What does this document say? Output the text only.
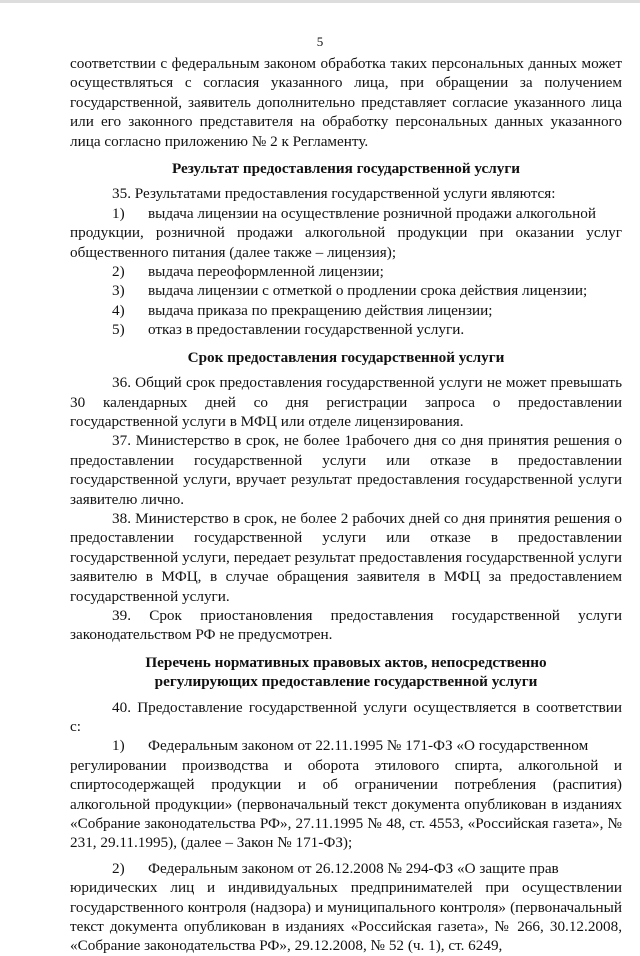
5

соответствии с федеральным законом обработка таких персональных данных может осуществляться с согласия указанного лица, при обращении за получением государственной, заявитель дополнительно представляет согласие указанного лица или его законного представителя на обработку персональных данных указанного лица согласно приложению № 2 к Регламенту.

Результат предоставления государственной услуги

35. Результатами предоставления государственной услуги являются:

1)	выдача лицензии на осуществление розничной продажи алкогольной

продукции, розничной продажи алкогольной продукции при оказании услуг общественного питания (далее также – лицензия);

2)	выдача переоформленной лицензии;
3)	выдача лицензии с отметкой о продлении срока действия лицензии;
4)	выдача приказа по прекращению действия лицензии;
5)	отказ в предоставлении государственной услуги.
Срок предоставления государственной услуги

36. Общий срок предоставления государственной услуги не может превышать 30 календарных дней со дня регистрации запроса о предоставлении государственной услуги в МФЦ или отделе лицензирования.

37. Министерство в срок, не более 1рабочего дня со дня принятия решения о предоставлении государственной услуги или отказе в предоставлении государственной услуги, вручает результат предоставления государственной услуги заявителю лично.

38. Министерство в срок, не более 2 рабочих дней со дня принятия решения о предоставлении государственной услуги или отказе в предоставлении государственной услуги, передает результат предоставления государственной услуги заявителю в МФЦ, в случае обращения заявителя в МФЦ за предоставлением государственной услуги.

39. Срок приостановления предоставления государственной услуги законодательством РФ не предусмотрен.

Перечень нормативных правовых актов, непосредственно
регулирующих предоставление государственной услуги

40. Предоставление государственной услуги осуществляется в соответствии с:

1)	Федеральным законом от 22.11.1995 № 171-ФЗ «О государственном

регулировании производства и оборота этилового спирта, алкогольной и спиртосодержащей продукции и об ограничении потребления (распития) алкогольной продукции» (первоначальный текст документа опубликован в изданиях «Собрание законодательства РФ», 27.11.1995 № 48, ст. 4553, «Российская газета», № 231, 29.11.1995), (далее – Закон № 171-ФЗ);

2)	Федеральным законом от 26.12.2008 № 294-ФЗ «О защите прав

юридических лиц и индивидуальных предпринимателей при осуществлении государственного контроля (надзора) и муниципального контроля» (первоначальный текст документа опубликован в изданиях «Российская газета», № 266, 30.12.2008, «Собрание законодательства РФ», 29.12.2008, № 52 (ч. 1), ст. 6249,
